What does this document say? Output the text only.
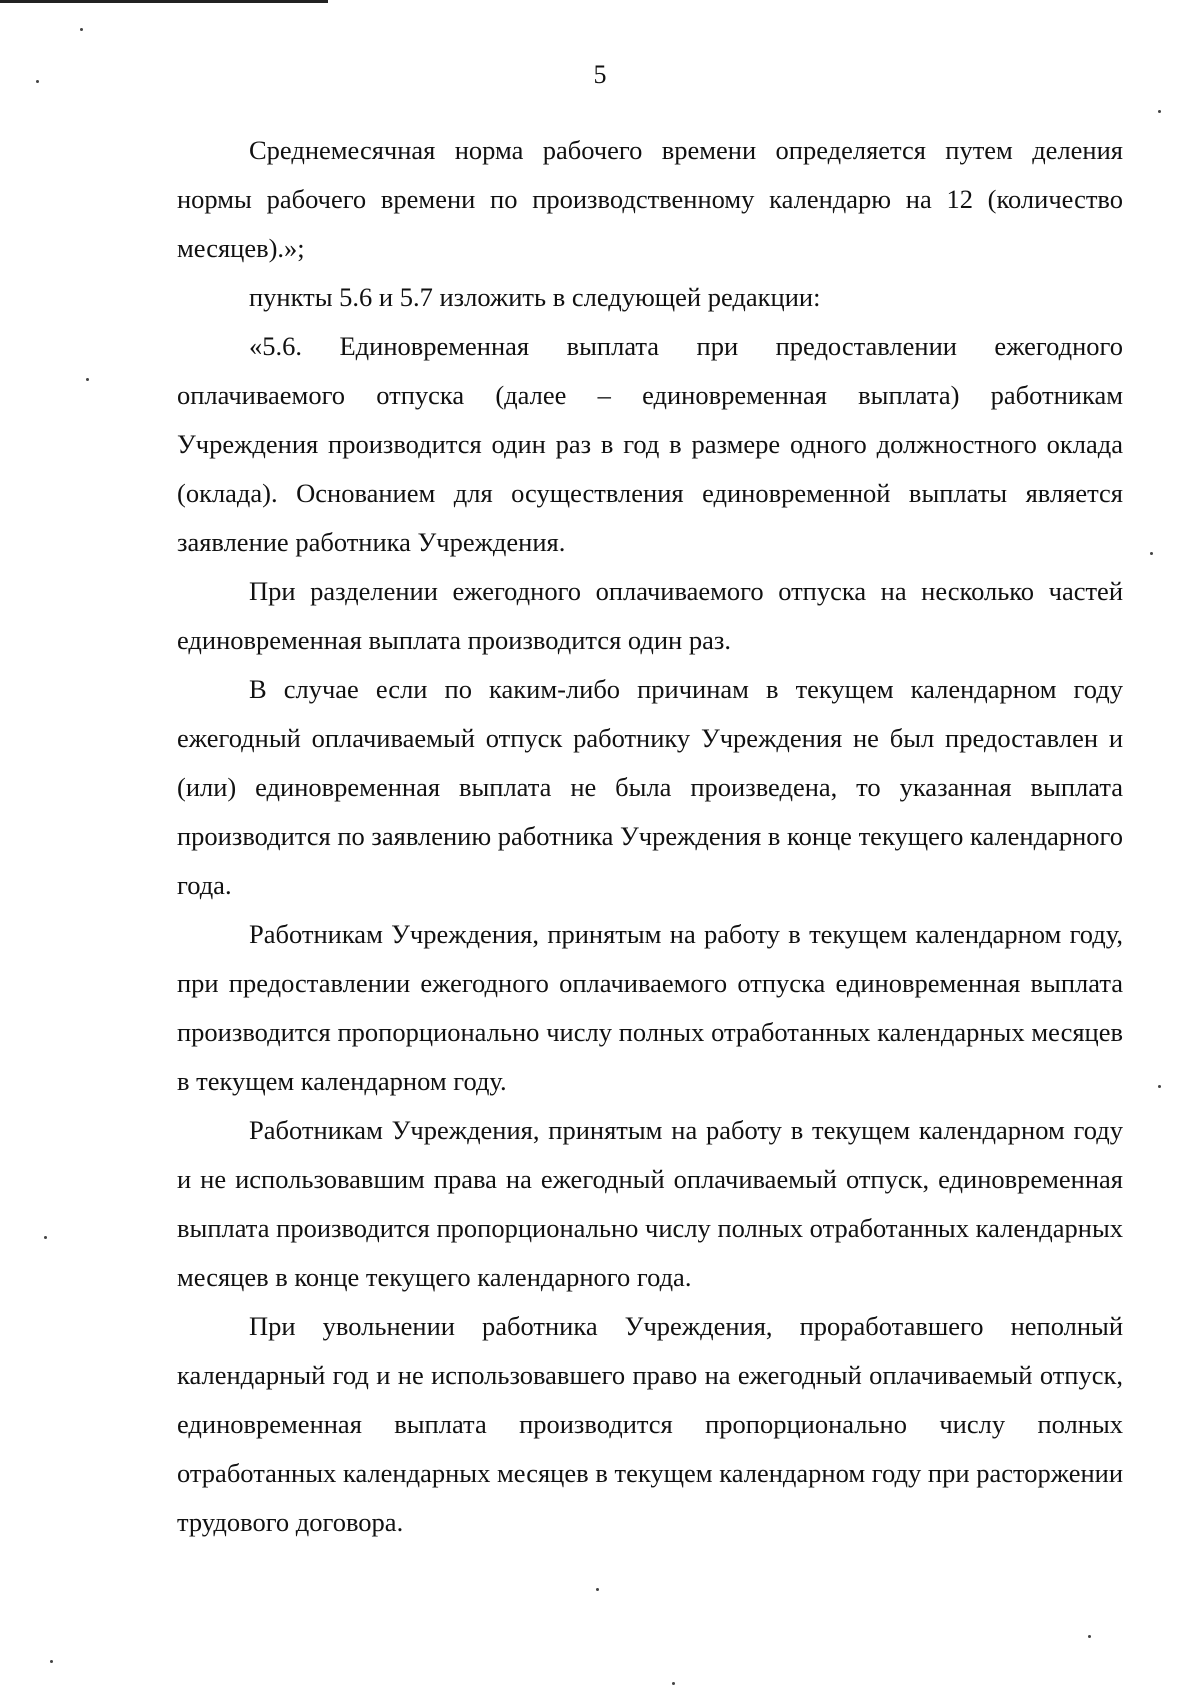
5

Среднемесячная норма рабочего времени определяется путем деления нормы рабочего времени по производственному календарю на 12 (количество месяцев).»;

пункты 5.6 и 5.7 изложить в следующей редакции:

«5.6. Единовременная выплата при предоставлении ежегодного оплачиваемого отпуска (далее – единовременная выплата) работникам Учреждения производится один раз в год в размере одного должностного оклада (оклада). Основанием для осуществления единовременной выплаты является заявление работника Учреждения.

При разделении ежегодного оплачиваемого отпуска на несколько частей единовременная выплата производится один раз.

В случае если по каким-либо причинам в текущем календарном году ежегодный оплачиваемый отпуск работнику Учреждения не был предоставлен и (или) единовременная выплата не была произведена, то указанная выплата производится по заявлению работника Учреждения в конце текущего календарного года.

Работникам Учреждения, принятым на работу в текущем календарном году, при предоставлении ежегодного оплачиваемого отпуска единовременная выплата производится пропорционально числу полных отработанных календарных месяцев в текущем календарном году.

Работникам Учреждения, принятым на работу в текущем календарном году и не использовавшим права на ежегодный оплачиваемый отпуск, единовременная выплата производится пропорционально числу полных отработанных календарных месяцев в конце текущего календарного года.

При увольнении работника Учреждения, проработавшего неполный календарный год и не использовавшего право на ежегодный оплачиваемый отпуск, единовременная выплата производится пропорционально числу полных отработанных календарных месяцев в текущем календарном году при расторжении трудового договора.
